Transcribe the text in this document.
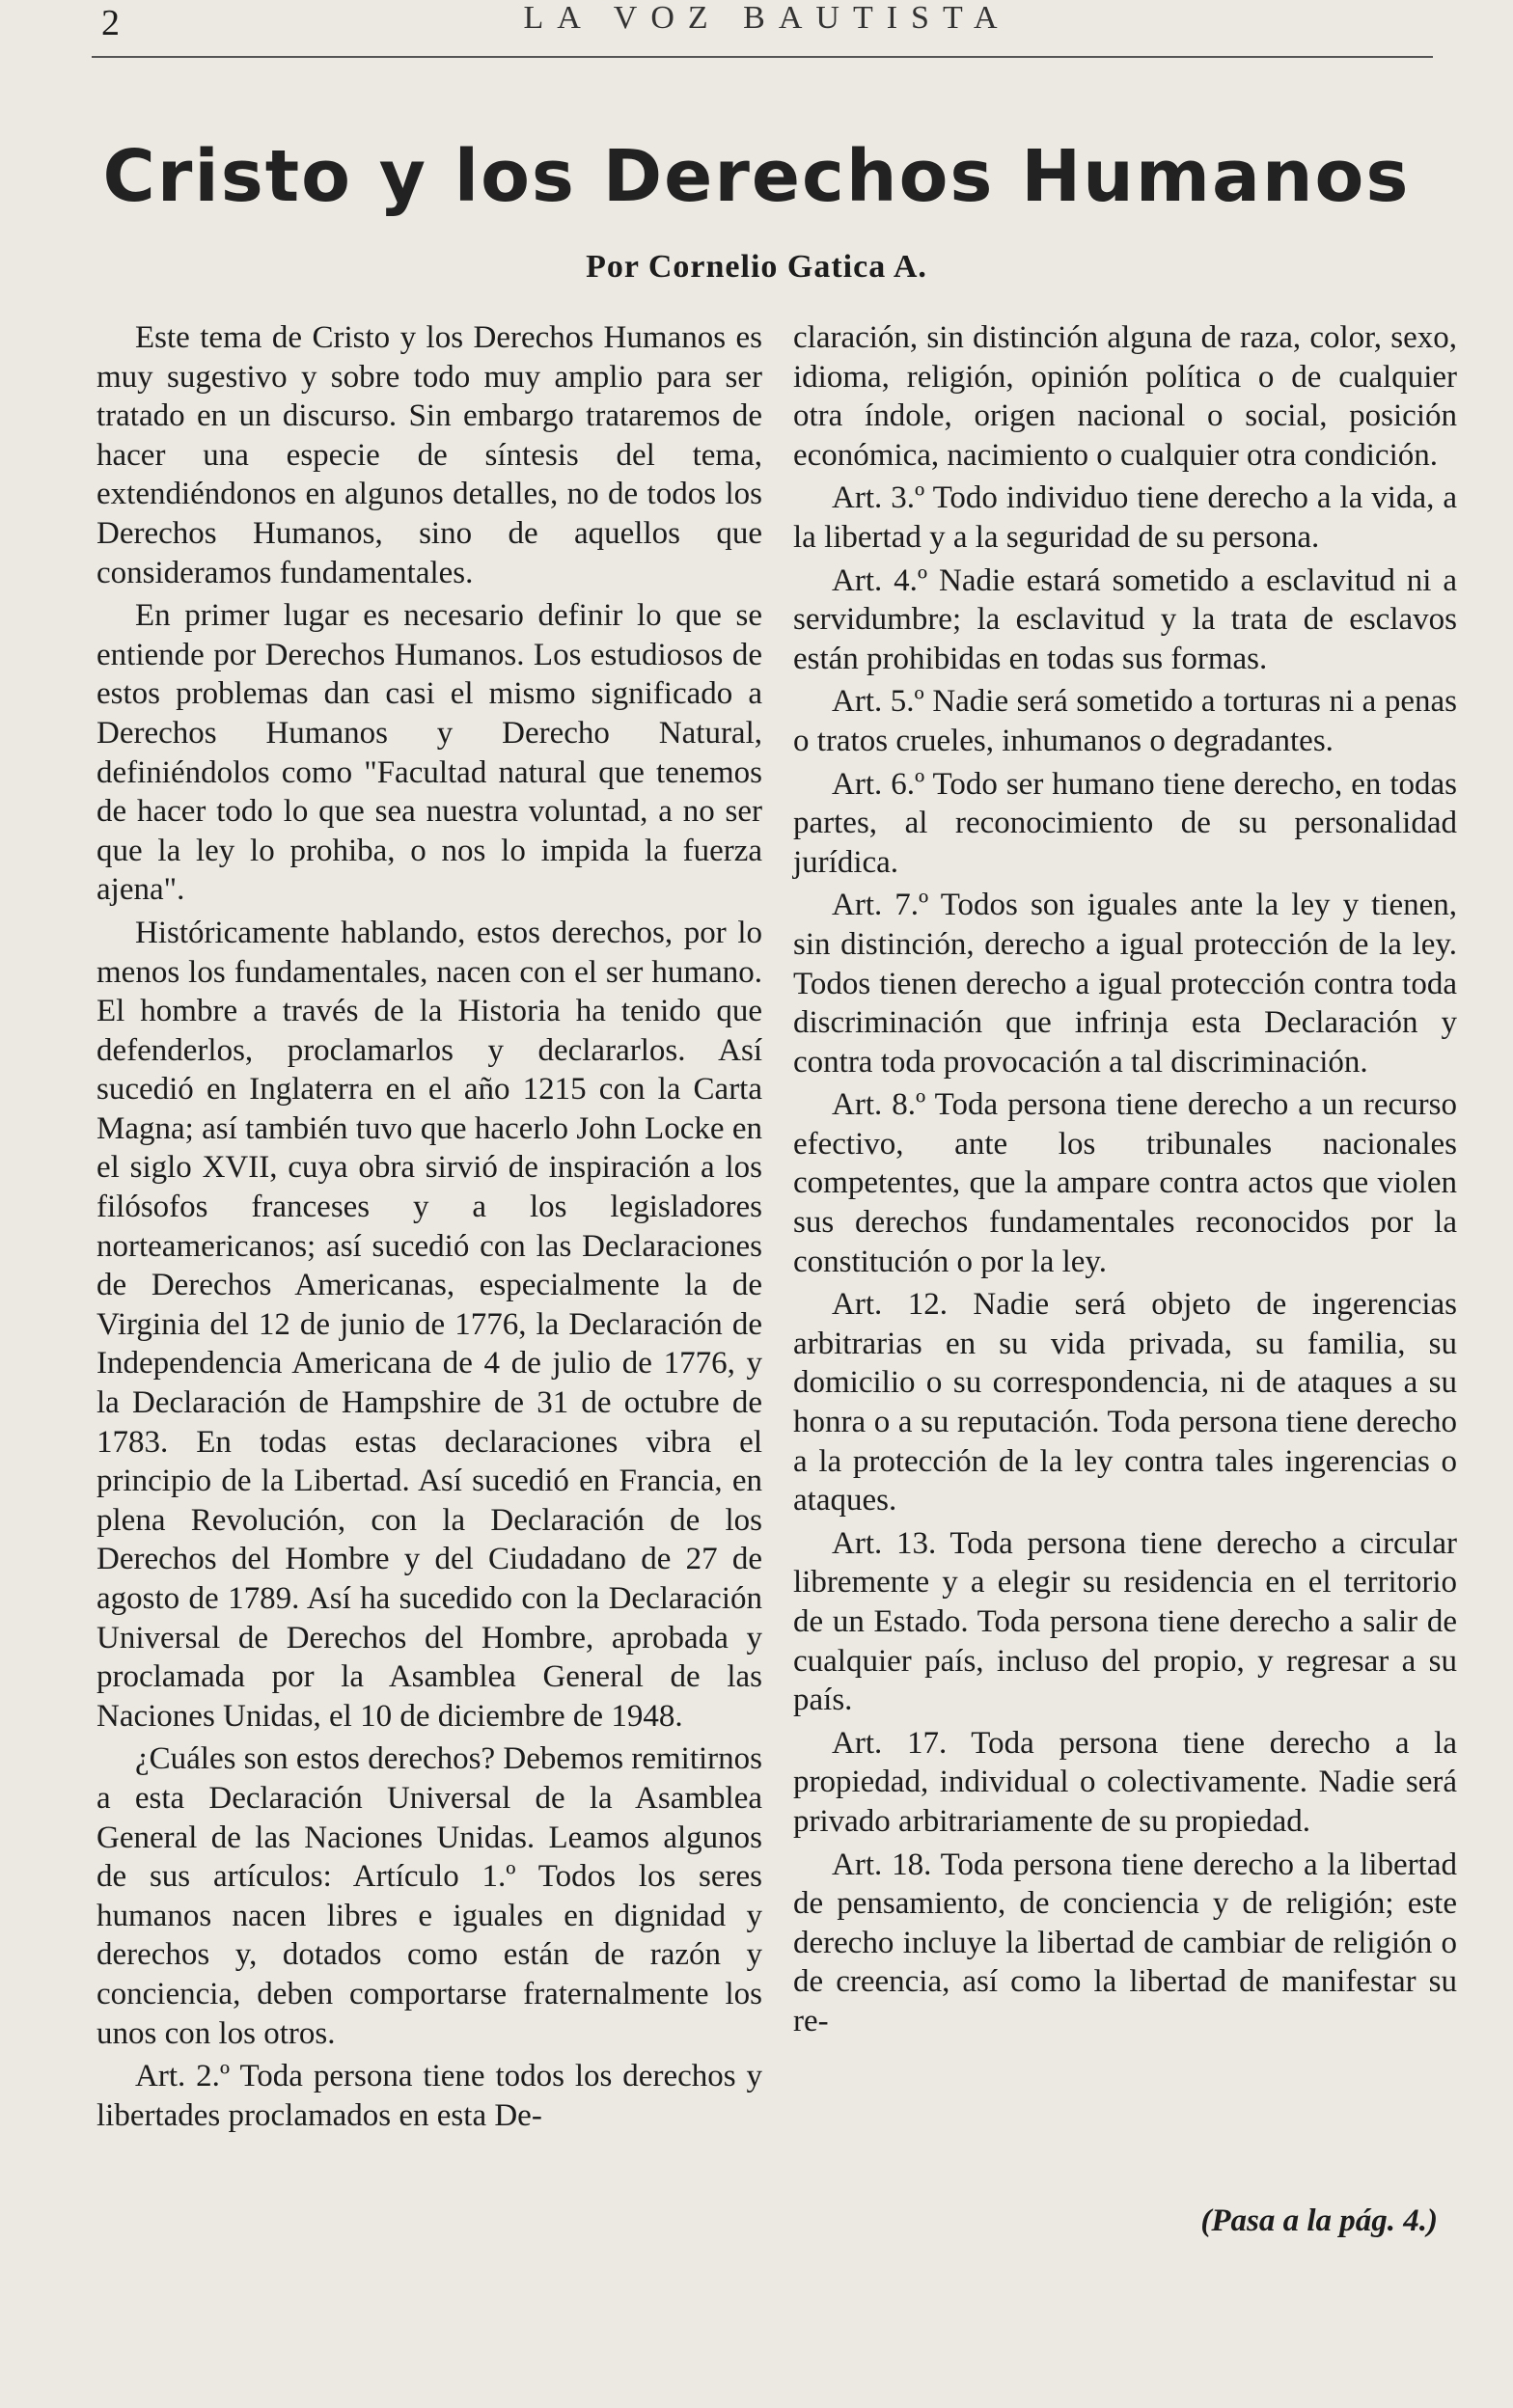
2	LA VOZ BAUTISTA
Cristo y los Derechos Humanos
Por Cornelio Gatica A.

Este tema de Cristo y los Derechos Humanos es muy sugestivo y sobre todo muy amplio para ser tratado en un discurso. Sin embargo trataremos de hacer una especie de síntesis del tema, extendiéndonos en algunos detalles, no de todos los Derechos Humanos, sino de aquellos que consideramos fundamentales.

En primer lugar es necesario definir lo que se entiende por Derechos Humanos. Los estudiosos de estos problemas dan casi el mismo significado a Derechos Humanos y Derecho Natural, definiéndolos como "Facultad natural que tenemos de hacer todo lo que sea nuestra voluntad, a no ser que la ley lo prohiba, o nos lo impida la fuerza ajena".

Históricamente hablando, estos derechos, por lo menos los fundamentales, nacen con el ser humano. El hombre a través de la Historia ha tenido que defenderlos, proclamarlos y declararlos. Así sucedió en Inglaterra en el año 1215 con la Carta Magna; así también tuvo que hacerlo John Locke en el siglo XVII, cuya obra sirvió de inspiración a los filósofos franceses y a los legisladores norteamericanos; así sucedió con las Declaraciones de Derechos Americanas, especialmente la de Virginia del 12 de junio de 1776, la Declaración de Independencia Americana de 4 de julio de 1776, y la Declaración de Hampshire de 31 de octubre de 1783. En todas estas declaraciones vibra el principio de la Libertad. Así sucedió en Francia, en plena Revolución, con la Declaración de los Derechos del Hombre y del Ciudadano de 27 de agosto de 1789. Así ha sucedido con la Declaración Universal de Derechos del Hombre, aprobada y proclamada por la Asamblea General de las Naciones Unidas, el 10 de diciembre de 1948.

¿Cuáles son estos derechos? Debemos remitirnos a esta Declaración Universal de la Asamblea General de las Naciones Unidas. Leamos algunos de sus artículos: Artículo 1.º Todos los seres humanos nacen libres e iguales en dignidad y derechos y, dotados como están de razón y conciencia, deben comportarse fraternalmente los unos con los otros.

Art. 2.º Toda persona tiene todos los derechos y libertades proclamados en esta De-

claración, sin distinción alguna de raza, color, sexo, idioma, religión, opinión política o de cualquier otra índole, origen nacional o social, posición económica, nacimiento o cualquier otra condición.

Art. 3.º Todo individuo tiene derecho a la vida, a la libertad y a la seguridad de su persona.

Art. 4.º Nadie estará sometido a esclavitud ni a servidumbre; la esclavitud y la trata de esclavos están prohibidas en todas sus formas.

Art. 5.º Nadie será sometido a torturas ni a penas o tratos crueles, inhumanos o degradantes.

Art. 6.º Todo ser humano tiene derecho, en todas partes, al reconocimiento de su personalidad jurídica.

Art. 7.º Todos son iguales ante la ley y tienen, sin distinción, derecho a igual protección de la ley. Todos tienen derecho a igual protección contra toda discriminación que infrinja esta Declaración y contra toda provocación a tal discriminación.

Art. 8.º Toda persona tiene derecho a un recurso efectivo, ante los tribunales nacionales competentes, que la ampare contra actos que violen sus derechos fundamentales reconocidos por la constitución o por la ley.

Art. 12. Nadie será objeto de ingerencias arbitrarias en su vida privada, su familia, su domicilio o su correspondencia, ni de ataques a su honra o a su reputación. Toda persona tiene derecho a la protección de la ley contra tales ingerencias o ataques.

Art. 13. Toda persona tiene derecho a circular libremente y a elegir su residencia en el territorio de un Estado. Toda persona tiene derecho a salir de cualquier país, incluso del propio, y regresar a su país.

Art. 17. Toda persona tiene derecho a la propiedad, individual o colectivamente. Nadie será privado arbitrariamente de su propiedad.

Art. 18. Toda persona tiene derecho a la libertad de pensamiento, de conciencia y de religión; este derecho incluye la libertad de cambiar de religión o de creencia, así como la libertad de manifestar su re-

(Pasa a la pág. 4.)
